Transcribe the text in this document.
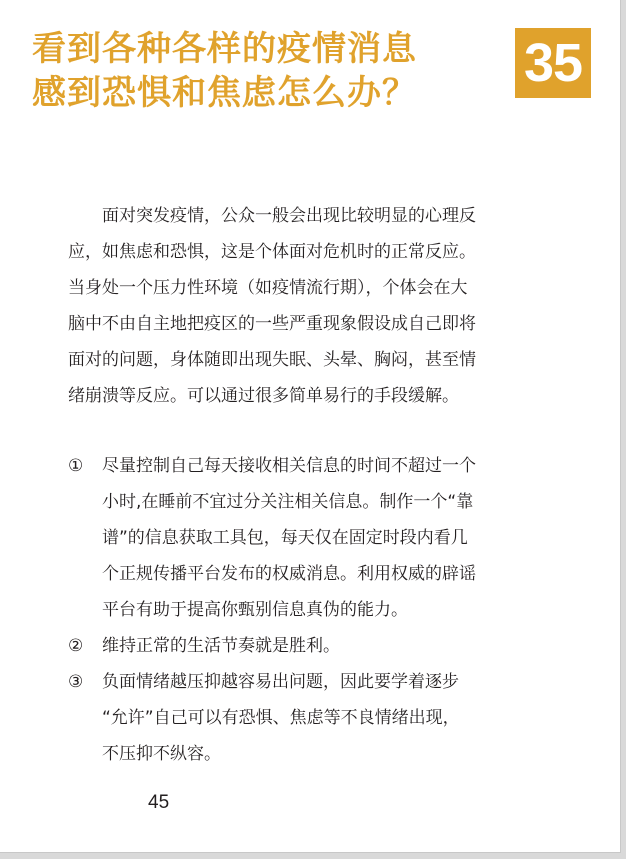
看到各种各样的疫情消息
感到恐惧和焦虑怎么办？	35
面对突发疫情，公众一般会出现比较明显的心理反
应，如焦虑和恐惧，这是个体面对危机时的正常反应。
当身处一个压力性环境（如疫情流行期），个体会在大
脑中不由自主地把疫区的一些严重现象假设成自己即将
面对的问题，身体随即出现失眠、头晕、胸闷，甚至情
绪崩溃等反应。可以通过很多简单易行的手段缓解。
①	尽量控制自己每天接收相关信息的时间不超过一个
小时,在睡前不宜过分关注相关信息。制作一个“靠
谱”的信息获取工具包，每天仅在固定时段内看几
个正规传播平台发布的权威消息。利用权威的辟谣
平台有助于提高你甄别信息真伪的能力。
②	维持正常的生活节奏就是胜利。
③	负面情绪越压抑越容易出问题，因此要学着逐步
“允许”自己可以有恐惧、焦虑等不良情绪出现，
不压抑不纵容。
45
